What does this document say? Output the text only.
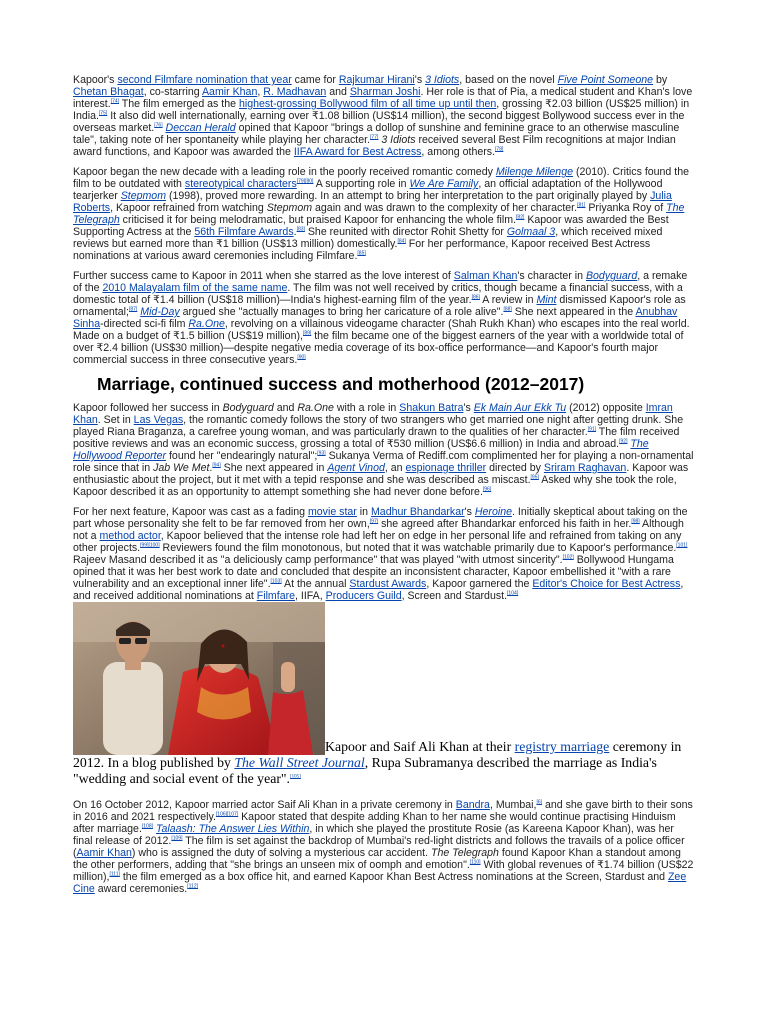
Kapoor's second Filmfare nomination that year came for Rajkumar Hirani's 3 Idiots, based on the novel Five Point Someone by Chetan Bhagat, co-starring Aamir Khan, R. Madhavan and Sharman Joshi. Her role is that of Pia, a medical student and Khan's love interest.[74] The film emerged as the highest-grossing Bollywood film of all time up until then, grossing ₹2.03 billion (US$25 million) in India.[75] It also did well internationally, earning over ₹1.08 billion (US$14 million), the second biggest Bollywood success ever in the overseas market.[76] Deccan Herald opined that Kapoor "brings a dollop of sunshine and feminine grace to an otherwise masculine tale", taking note of her spontaneity while playing her character.[77] 3 Idiots received several Best Film recognitions at major Indian award functions, and Kapoor was awarded the IIFA Award for Best Actress, among others.[78]

Kapoor began the new decade with a leading role in the poorly received romantic comedy Milenge Milenge (2010). Critics found the film to be outdated with stereotypical characters[79][80] A supporting role in We Are Family, an official adaptation of the Hollywood tearjerker Stepmom (1998), proved more rewarding. In an attempt to bring her interpretation to the part originally played by Julia Roberts, Kapoor refrained from watching Stepmom again and was drawn to the complexity of her character.[81] Priyanka Roy of The Telegraph criticised it for being melodramatic, but praised Kapoor for enhancing the whole film.[82] Kapoor was awarded the Best Supporting Actress at the 56th Filmfare Awards.[83] She reunited with director Rohit Shetty for Golmaal 3, which received mixed reviews but earned more than ₹1 billion (US$13 million) domestically.[84] For her performance, Kapoor received Best Actress nominations at various award ceremonies including Filmfare.[85]

Further success came to Kapoor in 2011 when she starred as the love interest of Salman Khan's character in Bodyguard, a remake of the 2010 Malayalam film of the same name. The film was not well received by critics, though became a financial success, with a domestic total of ₹1.4 billion (US$18 million)—India's highest-earning film of the year.[86] A review in Mint dismissed Kapoor's role as ornamental;[87] Mid-Day argued she "actually manages to bring her caricature of a role alive".[88] She next appeared in the Anubhav Sinha-directed sci-fi film Ra.One, revolving on a villainous videogame character (Shah Rukh Khan) who escapes into the real world. Made on a budget of ₹1.5 billion (US$19 million),[89] the film became one of the biggest earners of the year with a worldwide total of over ₹2.4 billion (US$30 million)—despite negative media coverage of its box-office performance—and Kapoor's fourth major commercial success in three consecutive years.[90]

Marriage, continued success and motherhood (2012–2017)

Kapoor followed her success in Bodyguard and Ra.One with a role in Shakun Batra's Ek Main Aur Ekk Tu (2012) opposite Imran Khan. Set in Las Vegas, the romantic comedy follows the story of two strangers who get married one night after getting drunk. She played Riana Braganza, a carefree young woman, and was particularly drawn to the qualities of her character.[91] The film received positive reviews and was an economic success, grossing a total of ₹530 million (US$6.6 million) in India and abroad.[92] The Hollywood Reporter found her "endearingly natural";[93] Sukanya Verma of Rediff.com complimented her for playing a non-ornamental role since that in Jab We Met.[94] She next appeared in Agent Vinod, an espionage thriller directed by Sriram Raghavan. Kapoor was enthusiastic about the project, but it met with a tepid response and she was described as miscast.[95] Asked why she took the role, Kapoor described it as an opportunity to attempt something she had never done before.[96]

For her next feature, Kapoor was cast as a fading movie star in Madhur Bhandarkar's Heroine. Initially skeptical about taking on the part whose personality she felt to be far removed from her own,[97] she agreed after Bhandarkar enforced his faith in her.[98] Although not a method actor, Kapoor believed that the intense role had left her on edge in her personal life and refrained from taking on any other projects.[99][100] Reviewers found the film monotonous, but noted that it was watchable primarily due to Kapoor's performance.[101] Rajeev Masand described it as "a deliciously camp performance" that was played "with utmost sincerity".[102] Bollywood Hungama opined that it was her best work to date and concluded that despite an inconsistent character, Kapoor embellished it "with a rare vulnerability and an exceptional inner life".[103] At the annual Stardust Awards, Kapoor garnered the Editor's Choice for Best Actress, and received additional nominations at Filmfare, IIFA, Producers Guild, Screen and Stardust.[104]

Kapoor and Saif Ali Khan at their registry marriage ceremony in 2012. In a blog published by The Wall Street Journal, Rupa Subramanya described the marriage as India's "wedding and social event of the year".[105]

On 16 October 2012, Kapoor married actor Saif Ali Khan in a private ceremony in Bandra, Mumbai,[6] and she gave birth to their sons in 2016 and 2021 respectively.[106][107] Kapoor stated that despite adding Khan to her name she would continue practising Hinduism after marriage.[108] Talaash: The Answer Lies Within, in which she played the prostitute Rosie (as Kareena Kapoor Khan), was her final release of 2012.[109] The film is set against the backdrop of Mumbai's red-light districts and follows the travails of a police officer (Aamir Khan) who is assigned the duty of solving a mysterious car accident. The Telegraph found Kapoor Khan a standout among the other performers, adding that "she brings an unseen mix of oomph and emotion".[110] With global revenues of ₹1.74 billion (US$22 million),[111] the film emerged as a box office hit, and earned Kapoor Khan Best Actress nominations at the Screen, Stardust and Zee Cine award ceremonies.[112]
